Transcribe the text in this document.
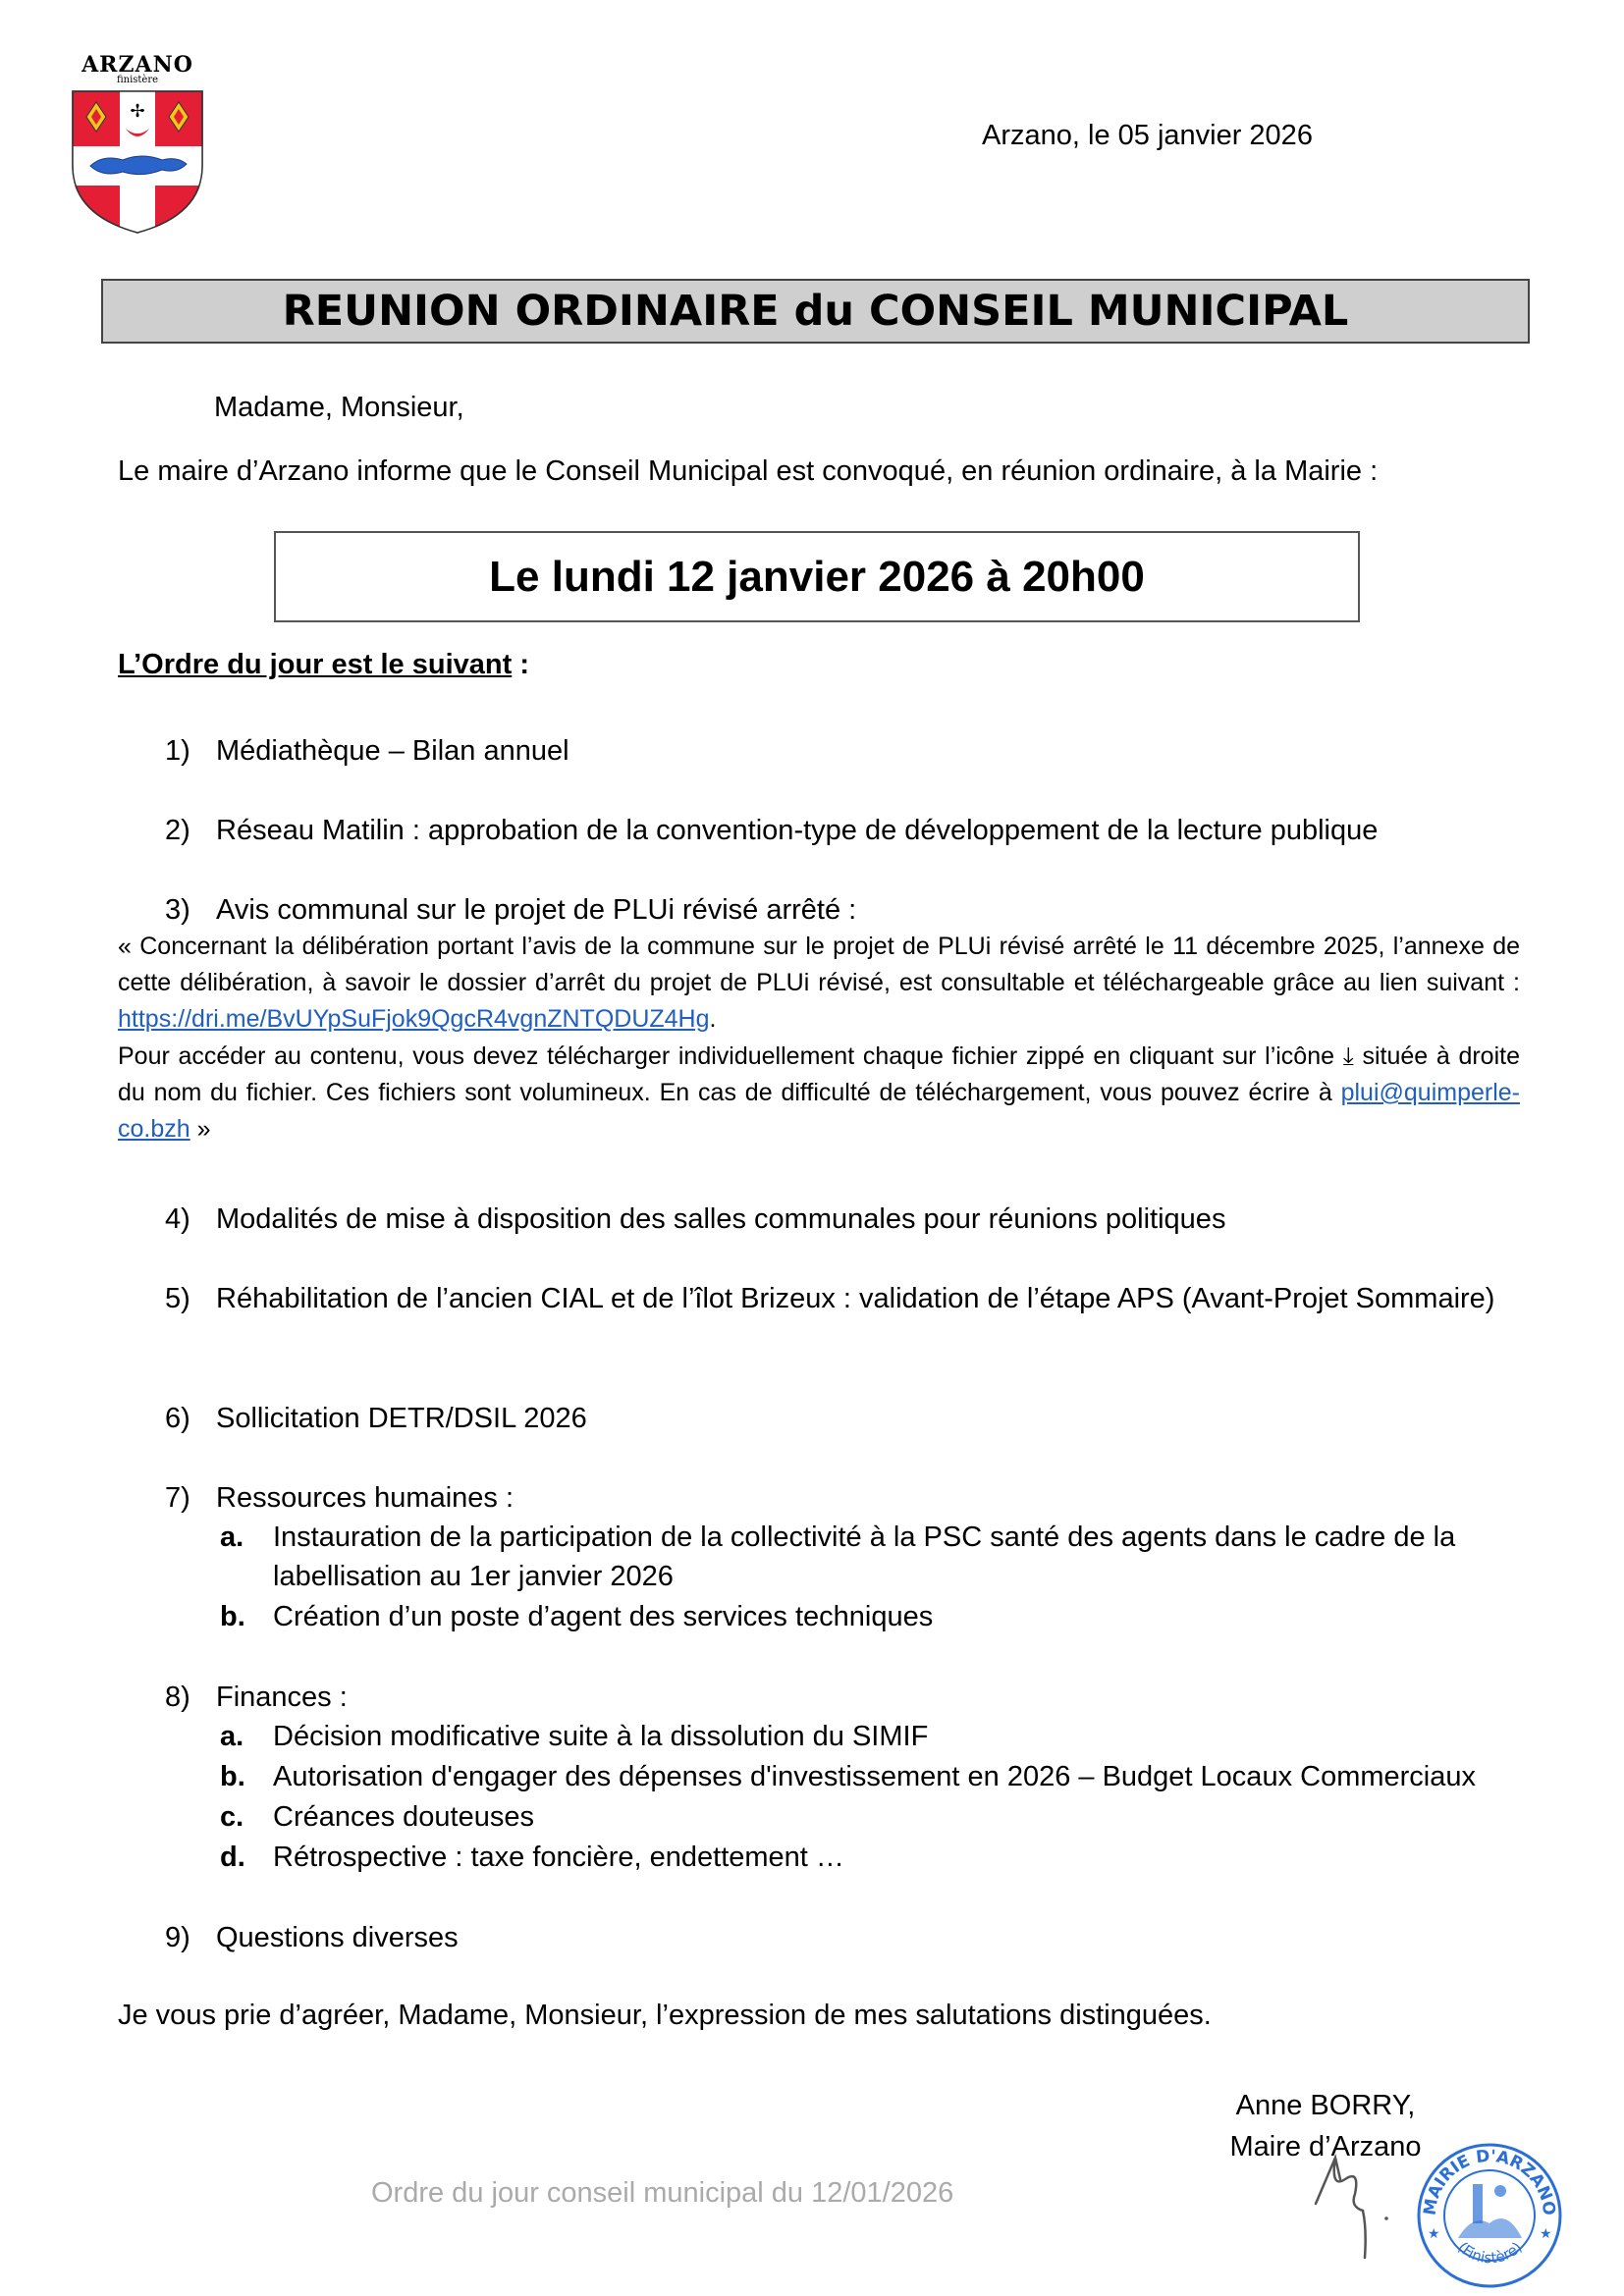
ARZANO
finistère
✢
Arzano, le 05 janvier 2026
REUNION ORDINAIRE du CONSEIL MUNICIPAL
Madame, Monsieur,
Le maire d’Arzano informe que le Conseil Municipal est convoqué, en réunion ordinaire, à la Mairie :
Le lundi 12 janvier 2026 à 20h00
L’Ordre du jour est le suivant :
1) Médiathèque – Bilan annuel
2) Réseau Matilin : approbation de la convention-type de développement de la lecture publique
3) Avis communal sur le projet de PLUi révisé arrêté :
« Concernant la délibération portant l’avis de la commune sur le projet de PLUi révisé arrêté le 11 décembre 2025, l’annexe de cette délibération, à savoir le dossier d’arrêt du projet de PLUi révisé, est consultable et téléchargeable grâce au lien suivant : https://dri.me/BvUYpSuFjok9QgcR4vgnZNTQDUZ4Hg.
Pour accéder au contenu, vous devez télécharger individuellement chaque fichier zippé en cliquant sur l’icône ⤓ située à droite du nom du fichier. Ces fichiers sont volumineux. En cas de difficulté de téléchargement, vous pouvez écrire à plui@quimperle-co.bzh »
4) Modalités de mise à disposition des salles communales pour réunions politiques
5) Réhabilitation de l’ancien CIAL et de l’îlot Brizeux : validation de l’étape APS (Avant-Projet Sommaire)
6) Sollicitation DETR/DSIL 2026
7) Ressources humaines :
a.	Instauration de la participation de la collectivité à la PSC santé des agents dans le cadre de la labellisation au 1er janvier 2026
b. Création d’un poste d’agent des services techniques
8) Finances :
a.	Décision modificative suite à la dissolution du SIMIF
b. Autorisation d'engager des dépenses d'investissement en 2026 – Budget Locaux Commerciaux
c.	Créances douteuses
d. Rétrospective : taxe foncière, endettement …
9) Questions diverses
Je vous prie d’agréer, Madame, Monsieur, l’expression de mes salutations distinguées.
Anne BORRY,
Maire d’Arzano
Ordre du jour conseil municipal du 12/01/2026	MAIRIE D'ARZANO
(Finistère)
★	★
